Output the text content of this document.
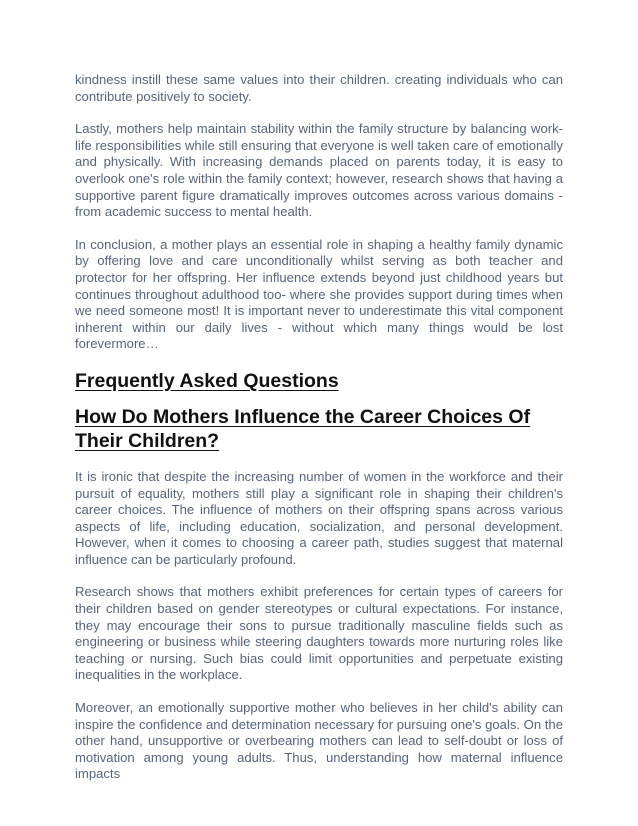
kindness instill these same values into their children. creating individuals who can contribute positively to society.

Lastly, mothers help maintain stability within the family structure by balancing work-life responsibilities while still ensuring that everyone is well taken care of emotionally and physically. With increasing demands placed on parents today, it is easy to overlook one's role within the family context; however, research shows that having a supportive parent figure dramatically improves outcomes across various domains - from academic success to mental health.

In conclusion, a mother plays an essential role in shaping a healthy family dynamic by offering love and care unconditionally whilst serving as both teacher and protector for her offspring. Her influence extends beyond just childhood years but continues throughout adulthood too- where she provides support during times when we need someone most! It is important never to underestimate this vital component inherent within our daily lives - without which many things would be lost forevermore…

Frequently Asked Questions
How Do Mothers Influence the Career Choices Of Their Children?

It is ironic that despite the increasing number of women in the workforce and their pursuit of equality, mothers still play a significant role in shaping their children's career choices. The influence of mothers on their offspring spans across various aspects of life, including education, socialization, and personal development. However, when it comes to choosing a career path, studies suggest that maternal influence can be particularly profound.

Research shows that mothers exhibit preferences for certain types of careers for their children based on gender stereotypes or cultural expectations. For instance, they may encourage their sons to pursue traditionally masculine fields such as engineering or business while steering daughters towards more nurturing roles like teaching or nursing. Such bias could limit opportunities and perpetuate existing inequalities in the workplace.

Moreover, an emotionally supportive mother who believes in her child's ability can inspire the confidence and determination necessary for pursuing one's goals. On the other hand, unsupportive or overbearing mothers can lead to self-doubt or loss of motivation among young adults. Thus, understanding how maternal influence impacts
